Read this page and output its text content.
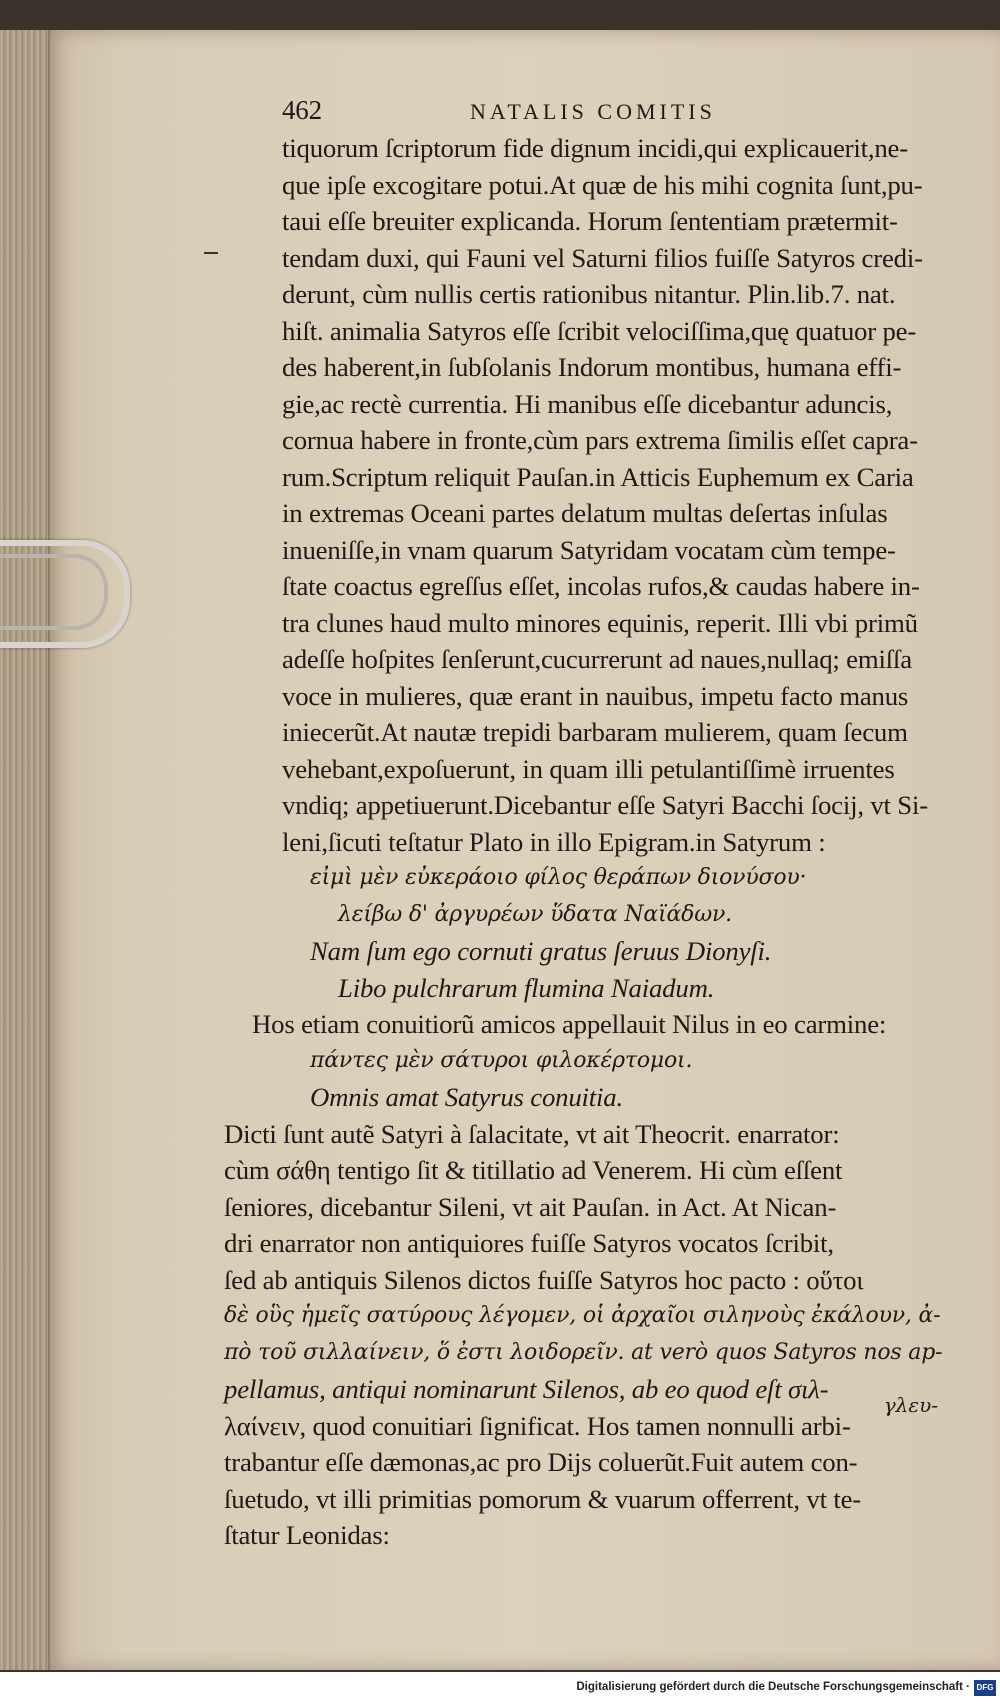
462	NATALIS COMITIS
tiquorum ſcriptorum fide dignum incidi,qui explicauerit,ne-
que ipſe excogitare potui.At quæ de his mihi cognita ſunt,pu-
taui eſſe breuiter explicanda. Horum ſententiam prætermit-
tendam duxi, qui Fauni vel Saturni filios fuiſſe Satyros credi-
derunt, cùm nullis certis rationibus nitantur. Plin.lib.7. nat.
hiſt. animalia Satyros eſſe ſcribit velociſſima,quę quatuor pe-
des haberent,in ſubſolanis Indorum montibus, humana effi-
gie,ac rectè currentia. Hi manibus eſſe dicebantur aduncis,
cornua habere in fronte,cùm pars extrema ſimilis eſſet capra-
rum.Scriptum reliquit Pauſan.in Atticis Euphemum ex Caria
in extremas Oceani partes delatum multas deſertas inſulas
inueniſſe,in vnam quarum Satyridam vocatam cùm tempe-
ſtate coactus egreſſus eſſet, incolas rufos,& caudas habere in-
tra clunes haud multo minores equinis, reperit. Illi vbi primũ
adeſſe hoſpites ſenſerunt,cucurrerunt ad naues,nullaq; emiſſa
voce in mulieres, quæ erant in nauibus, impetu facto manus
iniecerũt.At nautæ trepidi barbaram mulierem, quam ſecum
vehebant,expoſuerunt, in quam illi petulantiſſimè irruentes
vndiq; appetiuerunt.Dicebantur eſſe Satyri Bacchi ſocij, vt Si-
leni,ſicuti teſtatur Plato in illo Epigram.in Satyrum :
εἰμὶ μὲν εὐκεράοιο φίλος θεράπων διονύσου·
λείβω δ' ἀργυρέων ὕδατα Ναϊάδων.
Nam ſum ego cornuti gratus ſeruus Dionyſi.
Libo pulchrarum flumina Naiadum.
Hos etiam conuitiorũ amicos appellauit Nilus in eo carmine:
πάντες μὲν σάτυροι φιλοκέρτομοι.
Omnis amat Satyrus conuitia.
Dicti ſunt autẽ Satyri à ſalacitate, vt ait Theocrit. enarrator:
cùm σάθη tentigo ſit & titillatio ad Venerem. Hi cùm eſſent
ſeniores, dicebantur Sileni, vt ait Pauſan. in Act. At Nican-
dri enarrator non antiquiores fuiſſe Satyros vocatos ſcribit,
ſed ab antiquis Silenos dictos fuiſſe Satyros hoc pacto : οὕτοι
δὲ οὓς ἡμεῖς σατύρους λέγομεν, οἱ ἀρχαῖοι σιληνοὺς ἐκάλουν, ἀ-
πὸ τοῦ σιλλαίνειν, ὅ ἐστι λοιδορεῖν. at verò quos Satyros nos ap-
pellamus, antiqui nominarunt Silenos, ab eo quod eſt σιλ-
λαίνειν, quod conuitiari ſignificat. Hos tamen nonnulli arbi-
trabantur eſſe dæmonas,ac pro Dijs coluerũt.Fuit autem con-
ſuetudo, vt illi primitias pomorum & vuarum offerrent, vt te-
ſtatur Leonidas:
γλευ-
Digitalisierung gefördert durch die Deutsche Forschungsgemeinschaft · DFG
